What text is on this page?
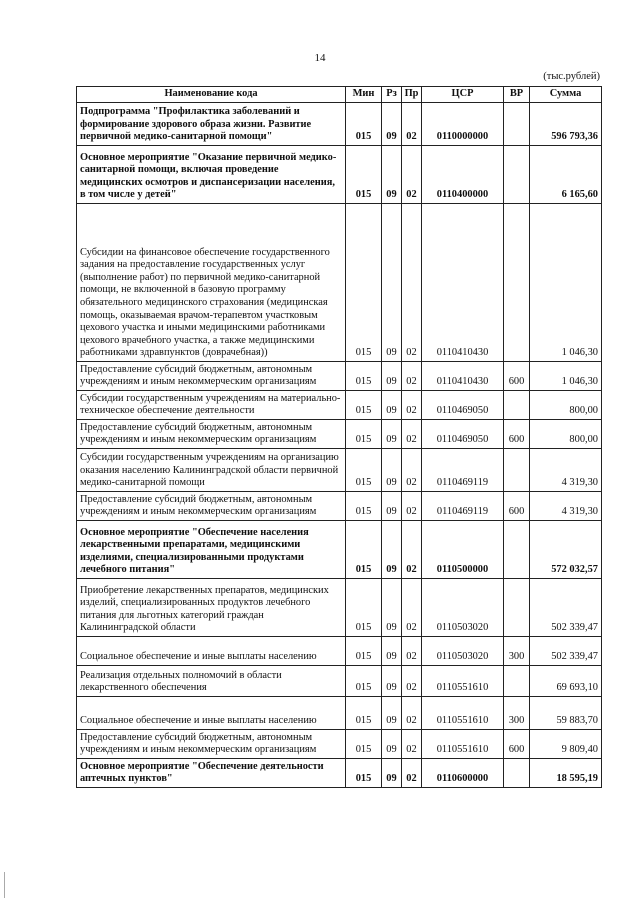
14
(тыс.рублей)
Наименование кода	Мин	Рз	Пр	ЦСР	ВР	Сумма
Подпрограмма "Профилактика заболеваний и формирование здорового образа жизни. Развитие первичной медико-санитарной помощи"	015	09	02	0110000000		596 793,36
Основное мероприятие "Оказание первичной медико-санитарной помощи, включая проведение медицинских осмотров и диспансеризации населения, в том числе у детей"	015	09	02	0110400000		6 165,60
Субсидии на финансовое обеспечение государственного задания на предоставление государственных услуг (выполнение работ) по первичной медико-санитарной помощи, не включенной в базовую программу обязательного медицинского страхования (медицинская помощь, оказываемая врачом-терапевтом участковым цехового участка и иными медицинскими работниками цехового врачебного участка, а также медицинскими работниками здравпунктов (доврачебная))	015	09	02	0110410430		1 046,30
Предоставление субсидий бюджетным, автономным учреждениям и иным некоммерческим организациям	015	09	02	0110410430	600	1 046,30
Субсидии государственным учреждениям на материально-техническое обеспечение деятельности	015	09	02	0110469050		800,00
Предоставление субсидий бюджетным, автономным учреждениям и иным некоммерческим организациям	015	09	02	0110469050	600	800,00
Субсидии государственным учреждениям на организацию оказания населению Калининградской области первичной медико-санитарной помощи	015	09	02	0110469119		4 319,30
Предоставление субсидий бюджетным, автономным учреждениям и иным некоммерческим организациям	015	09	02	0110469119	600	4 319,30
Основное мероприятие "Обеспечение населения лекарственными препаратами, медицинскими изделиями, специализированными продуктами лечебного питания"	015	09	02	0110500000		572 032,57
Приобретение лекарственных препаратов, медицинских изделий, специализированных продуктов лечебного питания для льготных категорий граждан Калининградской области	015	09	02	0110503020		502 339,47
Социальное обеспечение и иные выплаты населению	015	09	02	0110503020	300	502 339,47
Реализация отдельных полномочий в области лекарственного обеспечения	015	09	02	0110551610		69 693,10
Социальное обеспечение и иные выплаты населению	015	09	02	0110551610	300	59 883,70
Предоставление субсидий бюджетным, автономным учреждениям и иным некоммерческим организациям	015	09	02	0110551610	600	9 809,40
Основное мероприятие "Обеспечение деятельности аптечных пунктов"	015	09	02	0110600000		18 595,19
